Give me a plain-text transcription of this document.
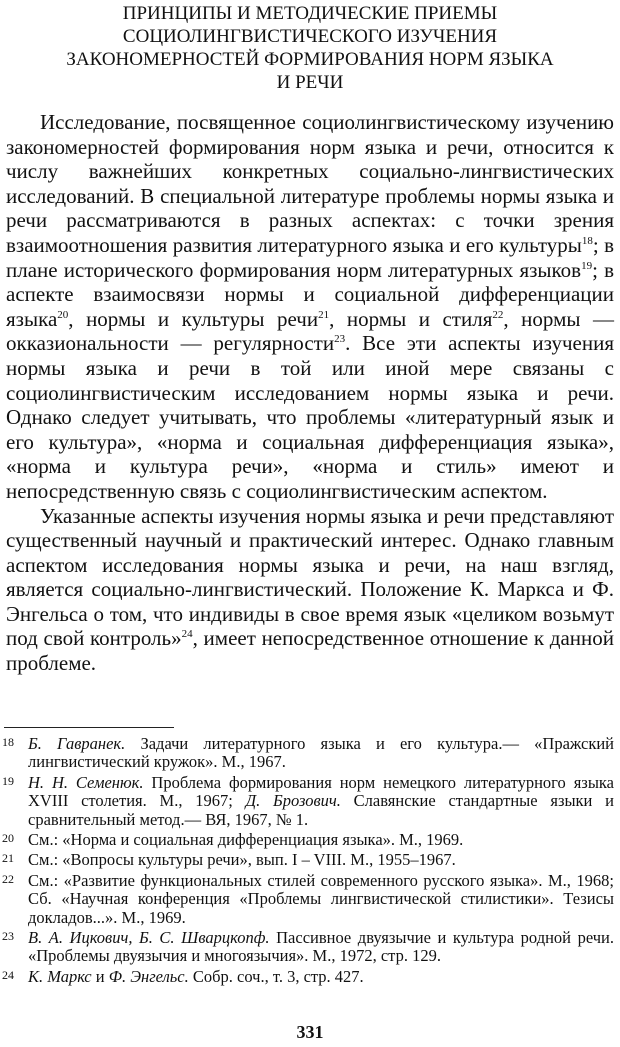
ПРИНЦИПЫ И МЕТОДИЧЕСКИЕ ПРИЕМЫ
СОЦИОЛИНГВИСТИЧЕСКОГО ИЗУЧЕНИЯ
ЗАКОНОМЕРНОСТЕЙ ФОРМИРОВАНИЯ НОРМ ЯЗЫКА
И РЕЧИ

Исследование, посвященное социолингвистическому изучению закономерностей формирования норм языка и речи, относится к числу важнейших конкретных социально-лингвистических исследований. В специальной литературе проблемы нормы языка и речи рассматриваются в разных аспектах: с точки зрения взаимоотношения развития литературного языка и его культуры$^{18}$; в плане исторического формирования норм литературных языков$^{19}$; в аспекте взаимосвязи нормы и социальной дифференциации языка$^{20}$, нормы и культуры речи$^{21}$, нормы и стиля$^{22}$, нормы — окказиональности — регулярности$^{23}$. Все эти аспекты изучения нормы языка и речи в той или иной мере связаны с социолингвистическим исследованием нормы языка и речи. Однако следует учитывать, что проблемы «литературный язык и его культура», «норма и социальная дифференциация языка», «норма и культура речи», «норма и стиль» имеют и непосредственную связь с социолингвистическим аспектом.

Указанные аспекты изучения нормы языка и речи представляют существенный научный и практический интерес. Однако главным аспектом исследования нормы языка и речи, на наш взгляд, является социально-лингвистический. Положение К. Маркса и Ф. Энгельса о том, что индивиды в свое время язык «целиком возьмут под свой контроль»$^{24}$, имеет непосредственное отношение к данной проблеме.

18 Б. Гавранек. Задачи литературного языка и его культура.— «Пражский лингвистический кружок». М., 1967.

19 Н. Н. Семенюк. Проблема формирования норм немецкого литературного языка XVIII столетия. М., 1967; Д. Брозович. Славянские стандартные языки и сравнительный метод.— ВЯ, 1967, № 1.

20 См.: «Норма и социальная дифференциация языка». М., 1969.

21 См.: «Вопросы культуры речи», вып. I – VIII. М., 1955–1967.

22 См.: «Развитие функциональных стилей современного русского языка». М., 1968; Сб. «Научная конференция «Проблемы лингвистической стилистики». Тезисы докладов...». М., 1969.

23 В. А. Ицкович, Б. С. Шварцкопф. Пассивное двуязычие и культура родной речи. «Проблемы двуязычия и многоязычия». М., 1972, стр. 129.

24 К. Маркс и Ф. Энгельс. Собр. соч., т. 3, стр. 427.

331
